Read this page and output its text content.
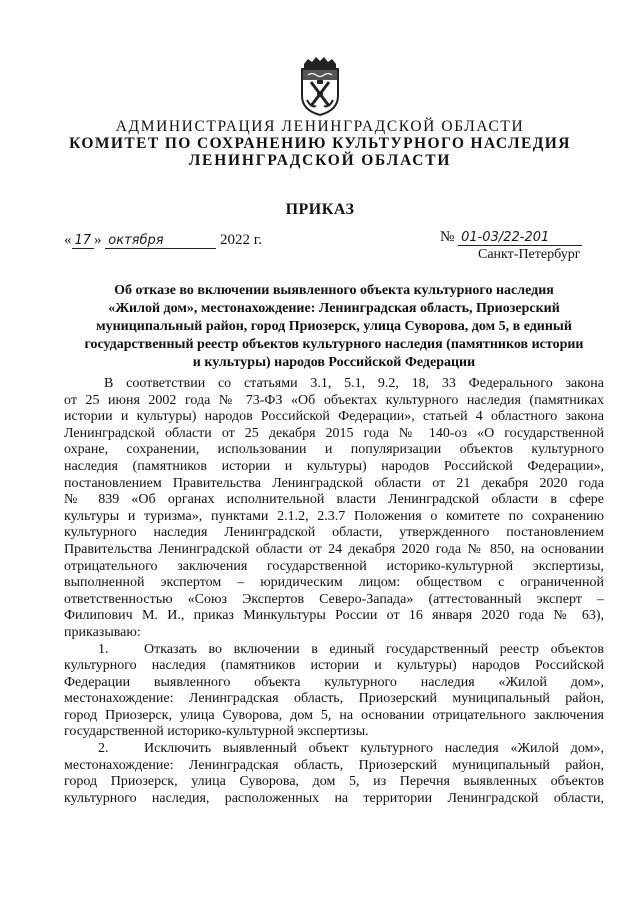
АДМИНИСТРАЦИЯ ЛЕНИНГРАДСКОЙ ОБЛАСТИ
КОМИТЕТ ПО СОХРАНЕНИЮ КУЛЬТУРНОГО НАСЛЕДИЯ
ЛЕНИНГРАДСКОЙ ОБЛАСТИ
ПРИКАЗ
« 17 » октября	2022 г.	№ 01-03/22-201
Санкт-Петербург
Об отказе во включении выявленного объекта культурного наследия
«Жилой дом», местонахождение: Ленинградская область, Приозерский
муниципальный район, город Приозерск, улица Суворова, дом 5, в единый
государственный реестр объектов культурного наследия (памятников истории
и культуры) народов Российской Федерации
В соответствии со статьями 3.1, 5.1, 9.2, 18, 33 Федерального закона
от 25 июня 2002 года № 73-ФЗ «Об объектах культурного наследия (памятниках
истории и культуры) народов Российской Федерации», статьей 4 областного закона
Ленинградской области от 25 декабря 2015 года № 140-оз «О государственной
охране, сохранении, использовании и популяризации объектов культурного
наследия (памятников истории и культуры) народов Российской Федерации»,
постановлением Правительства Ленинградской области от 21 декабря 2020 года
№ 839 «Об органах исполнительной власти Ленинградской области в сфере
культуры и туризма», пунктами 2.1.2, 2.3.7 Положения о комитете по сохранению
культурного наследия Ленинградской области, утвержденного постановлением
Правительства Ленинградской области от 24 декабря 2020 года № 850, на основании
отрицательного заключения государственной историко-культурной экспертизы,
выполненной экспертом – юридическим лицом: обществом с ограниченной
ответственностью «Союз Экспертов Северо-Запада» (аттестованный эксперт –
Филипович М. И., приказ Минкультуры России от 16 января 2020 года № 63),
приказываю:
1.	Отказать во включении в единый государственный реестр объектов
культурного наследия (памятников истории и культуры) народов Российской
Федерации выявленного объекта культурного наследия «Жилой дом»,
местонахождение: Ленинградская область, Приозерский муниципальный район,
город Приозерск, улица Суворова, дом 5, на основании отрицательного заключения
государственной историко-культурной экспертизы.
2.	Исключить выявленный объект культурного наследия «Жилой дом»,
местонахождение: Ленинградская область, Приозерский муниципальный район,
город Приозерск, улица Суворова, дом 5, из Перечня выявленных объектов
культурного наследия, расположенных на территории Ленинградской области,
